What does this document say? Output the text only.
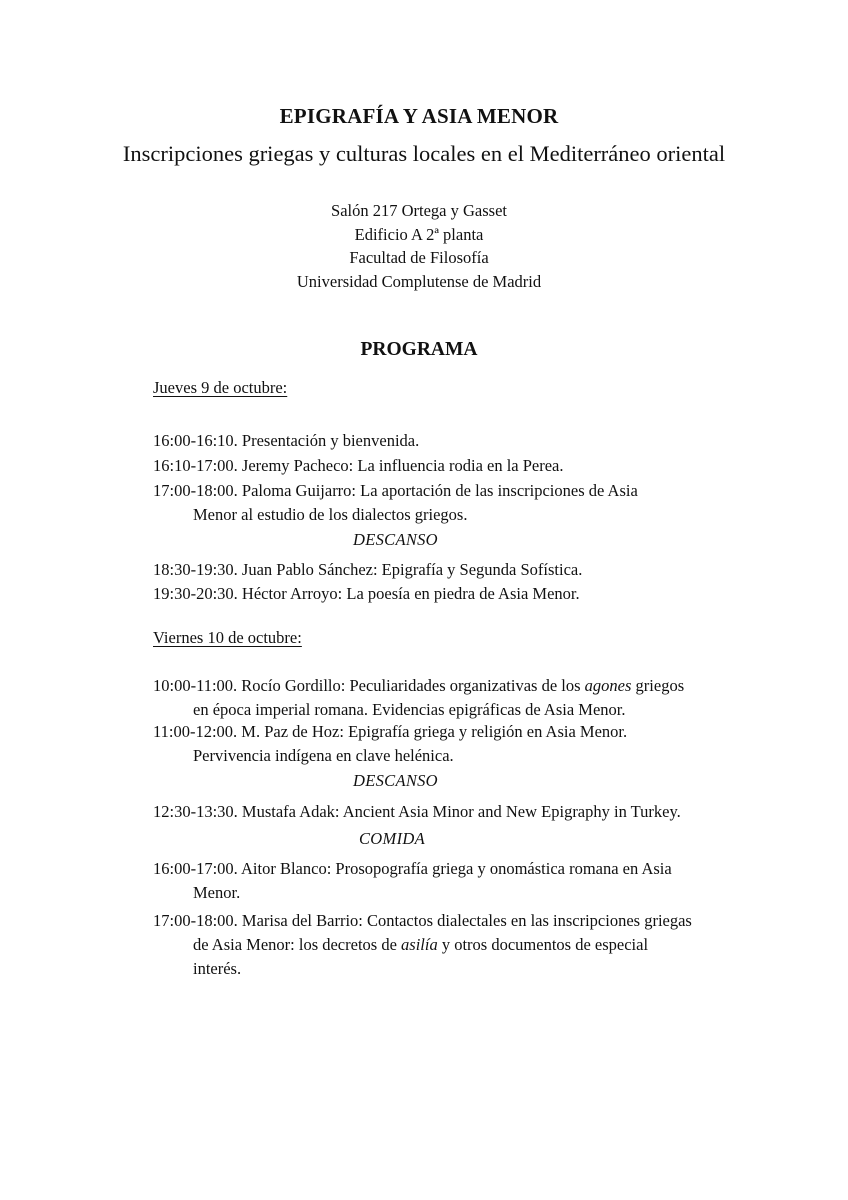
EPIGRAFÍA Y ASIA MENOR
Inscripciones griegas y culturas locales en el Mediterráneo oriental
Salón 217 Ortega y Gasset
Edificio A 2ª planta
Facultad de Filosofía
Universidad Complutense de Madrid
PROGRAMA
Jueves 9 de octubre:
16:00-16:10. Presentación y bienvenida.
16:10-17:00. Jeremy Pacheco: La influencia rodia en la Perea.
17:00-18:00. Paloma Guijarro: La aportación de las inscripciones de Asia
Menor al estudio de los dialectos griegos.
DESCANSO
18:30-19:30. Juan Pablo Sánchez: Epigrafía y Segunda Sofística.
19:30-20:30. Héctor Arroyo: La poesía en piedra de Asia Menor.
Viernes 10 de octubre:
10:00-11:00. Rocío Gordillo: Peculiaridades organizativas de los agones griegos
en época imperial romana. Evidencias epigráficas de Asia Menor.
11:00-12:00. M. Paz de Hoz: Epigrafía griega y religión en Asia Menor.
Pervivencia indígena en clave helénica.
DESCANSO
12:30-13:30. Mustafa Adak: Ancient Asia Minor and New Epigraphy in Turkey.
COMIDA
16:00-17:00. Aitor Blanco: Prosopografía griega y onomástica romana en Asia
Menor.
17:00-18:00. Marisa del Barrio: Contactos dialectales en las inscripciones griegas
de Asia Menor: los decretos de asilía y otros documentos de especial
interés.
